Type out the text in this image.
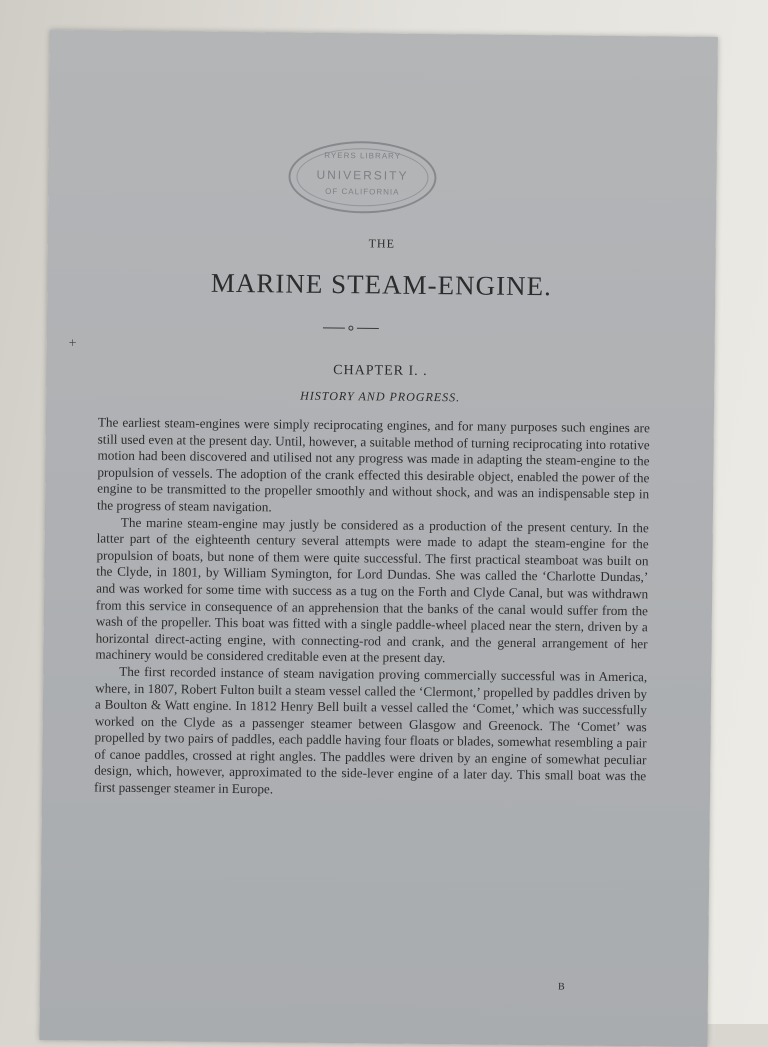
RYERS LIBRARY
UNIVERSITY
OF CALIFORNIA
THE
MARINE STEAM-ENGINE.
+
CHAPTER I. .
HISTORY AND PROGRESS.

The earliest steam-engines were simply reciprocating engines, and for many purposes such engines are still used even at the present day. Until, however, a suitable method of turning reciprocating into rotative motion had been discovered and utilised not any progress was made in adapting the steam-engine to the propulsion of vessels. The adoption of the crank effected this desirable object, enabled the power of the engine to be transmitted to the propeller smoothly and without shock, and was an indispensable step in the progress of steam navigation.

The marine steam-engine may justly be considered as a production of the present century. In the latter part of the eighteenth century several attempts were made to adapt the steam-engine for the propulsion of boats, but none of them were quite successful. The first practical steamboat was built on the Clyde, in 1801, by William Symington, for Lord Dundas. She was called the ‘Charlotte Dundas,’ and was worked for some time with success as a tug on the Forth and Clyde Canal, but was withdrawn from this service in consequence of an apprehension that the banks of the canal would suffer from the wash of the propeller. This boat was fitted with a single paddle-wheel placed near the stern, driven by a horizontal direct-acting engine, with connecting-rod and crank, and the general arrangement of her machinery would be considered creditable even at the present day.

The first recorded instance of steam navigation proving commercially successful was in America, where, in 1807, Robert Fulton built a steam vessel called the ‘Clermont,’ propelled by paddles driven by a Boulton & Watt engine. In 1812 Henry Bell built a vessel called the ‘Comet,’ which was successfully worked on the Clyde as a passenger steamer between Glasgow and Greenock. The ‘Comet’ was propelled by two pairs of paddles, each paddle having four floats or blades, somewhat resembling a pair of canoe paddles, crossed at right angles. The paddles were driven by an engine of somewhat peculiar design, which, however, approximated to the side-lever engine of a later day. This small boat was the first passenger steamer in Europe.

B
